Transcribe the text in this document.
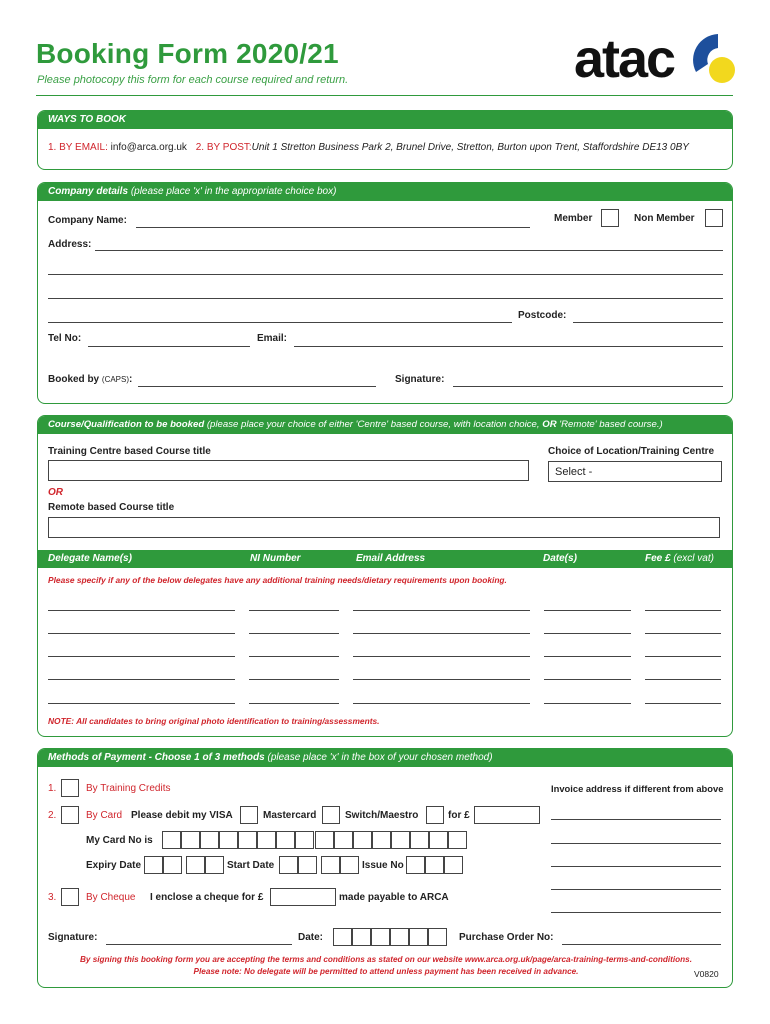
Booking Form 2020/21
Please photocopy this form for each course required and return.	atac
WAYS TO BOOK
1. BY EMAIL: info@arca.org.uk 2. BY POST:Unit 1 Stretton Business Park 2, Brunel Drive, Stretton, Burton upon Trent, Staffordshire DE13 0BY
Company details (please place 'x' in the appropriate choice box)
Company Name:	Member	Non Member
Address:
Postcode:
Tel No:	Email:
Booked by (CAPS):	Signature:
Course/Qualification to be booked (please place your choice of either 'Centre' based course, with location choice, OR 'Remote' based course.)
Training Centre based Course title	Choice of Location/Training Centre
Select -
OR
Remote based Course title
Delegate Name(s)	NI Number	Email Address	Date(s)	Fee £ (excl vat)
Please specify if any of the below delegates have any additional training needs/dietary requirements upon booking.
NOTE: All candidates to bring original photo identification to training/assessments.
Methods of Payment - Choose 1 of 3 methods (please place 'x' in the box of your chosen method)
1.	By Training Credits	Invoice address if different from above
2.	By Card Please debit my VISA	Mastercard	Switch/Maestro	for £
My Card No is
Expiry Date	Start Date	Issue No
3.	By Cheque I enclose a cheque for £	made payable to ARCA
Signature:	Date:	Purchase Order No:
By signing this booking form you are accepting the terms and conditions as stated on our website www.arca.org.uk/page/arca-training-terms-and-conditions.
Please note: No delegate will be permitted to attend unless payment has been received in advance.	V0820
